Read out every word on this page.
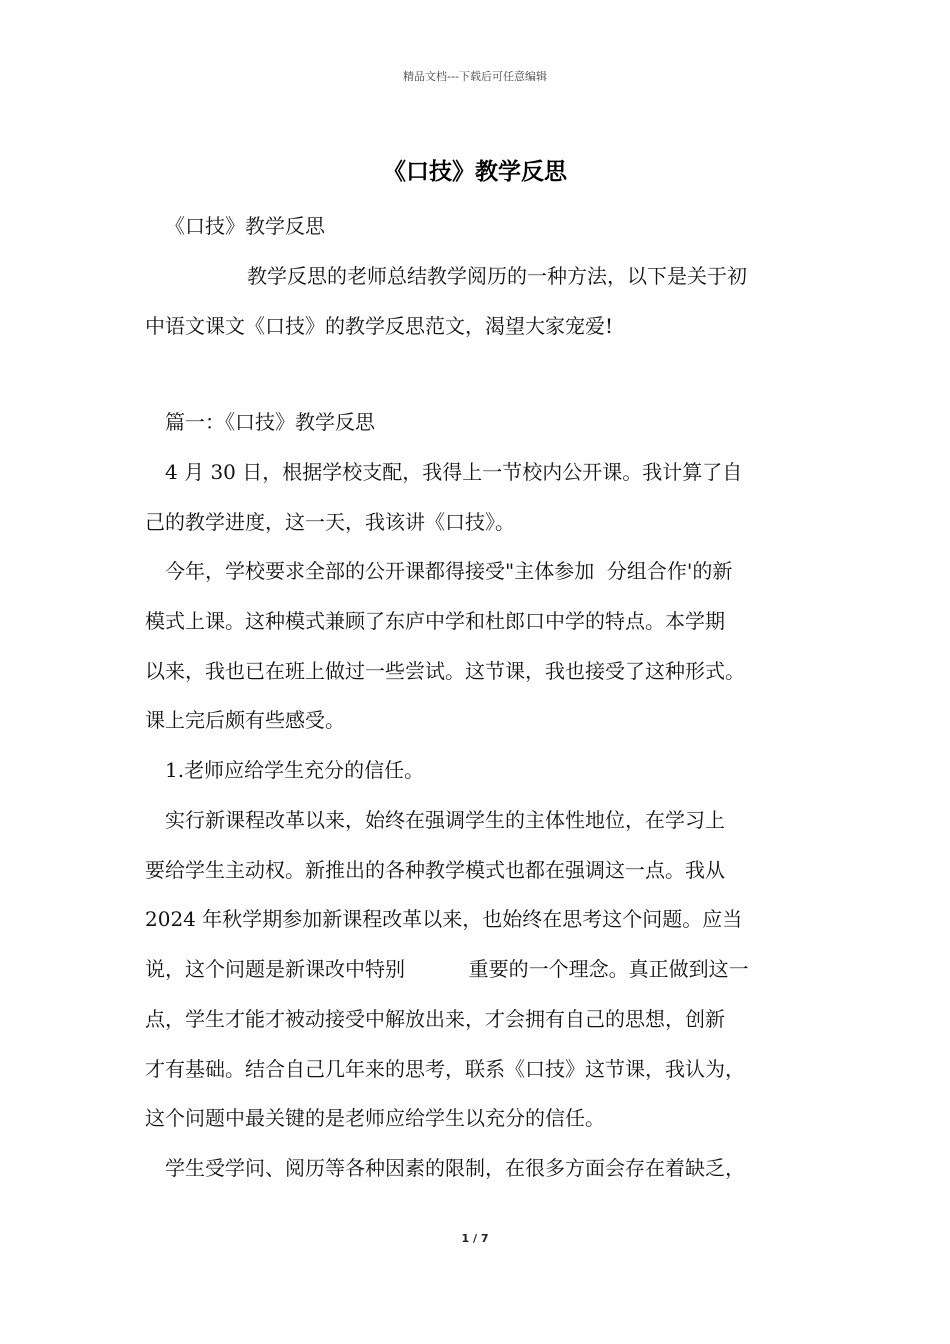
精品文档---下载后可任意编辑
《口技》教学反思
《口技》教学反思
教学反思的老师总结教学阅历的一种方法，以下是关于初
中语文课文《口技》的教学反思范文，渴望大家宠爱!
篇一：《口技》教学反思
4 月 30 日，根据学校支配，我得上一节校内公开课。我计算了自
己的教学进度，这一天，我该讲《口技》。
今年，学校要求全部的公开课都得接受"主体参加  分组合作'的新
模式上课。这种模式兼顾了东庐中学和杜郎口中学的特点。本学期
以来，我也已在班上做过一些尝试。这节课，我也接受了这种形式。
课上完后颇有些感受。
1.老师应给学生充分的信任。
实行新课程改革以来，始终在强调学生的主体性地位，在学习上
要给学生主动权。新推出的各种教学模式也都在强调这一点。我从
2024 年秋学期参加新课程改革以来，也始终在思考这个问题。应当
说，这个问题是新课改中特别          重要的一个理念。真正做到这一
点，学生才能才被动接受中解放出来，才会拥有自己的思想，创新
才有基础。结合自己几年来的思考，联系《口技》这节课，我认为，
这个问题中最关键的是老师应给学生以充分的信任。
学生受学问、阅历等各种因素的限制，在很多方面会存在着缺乏，
1 / 7
